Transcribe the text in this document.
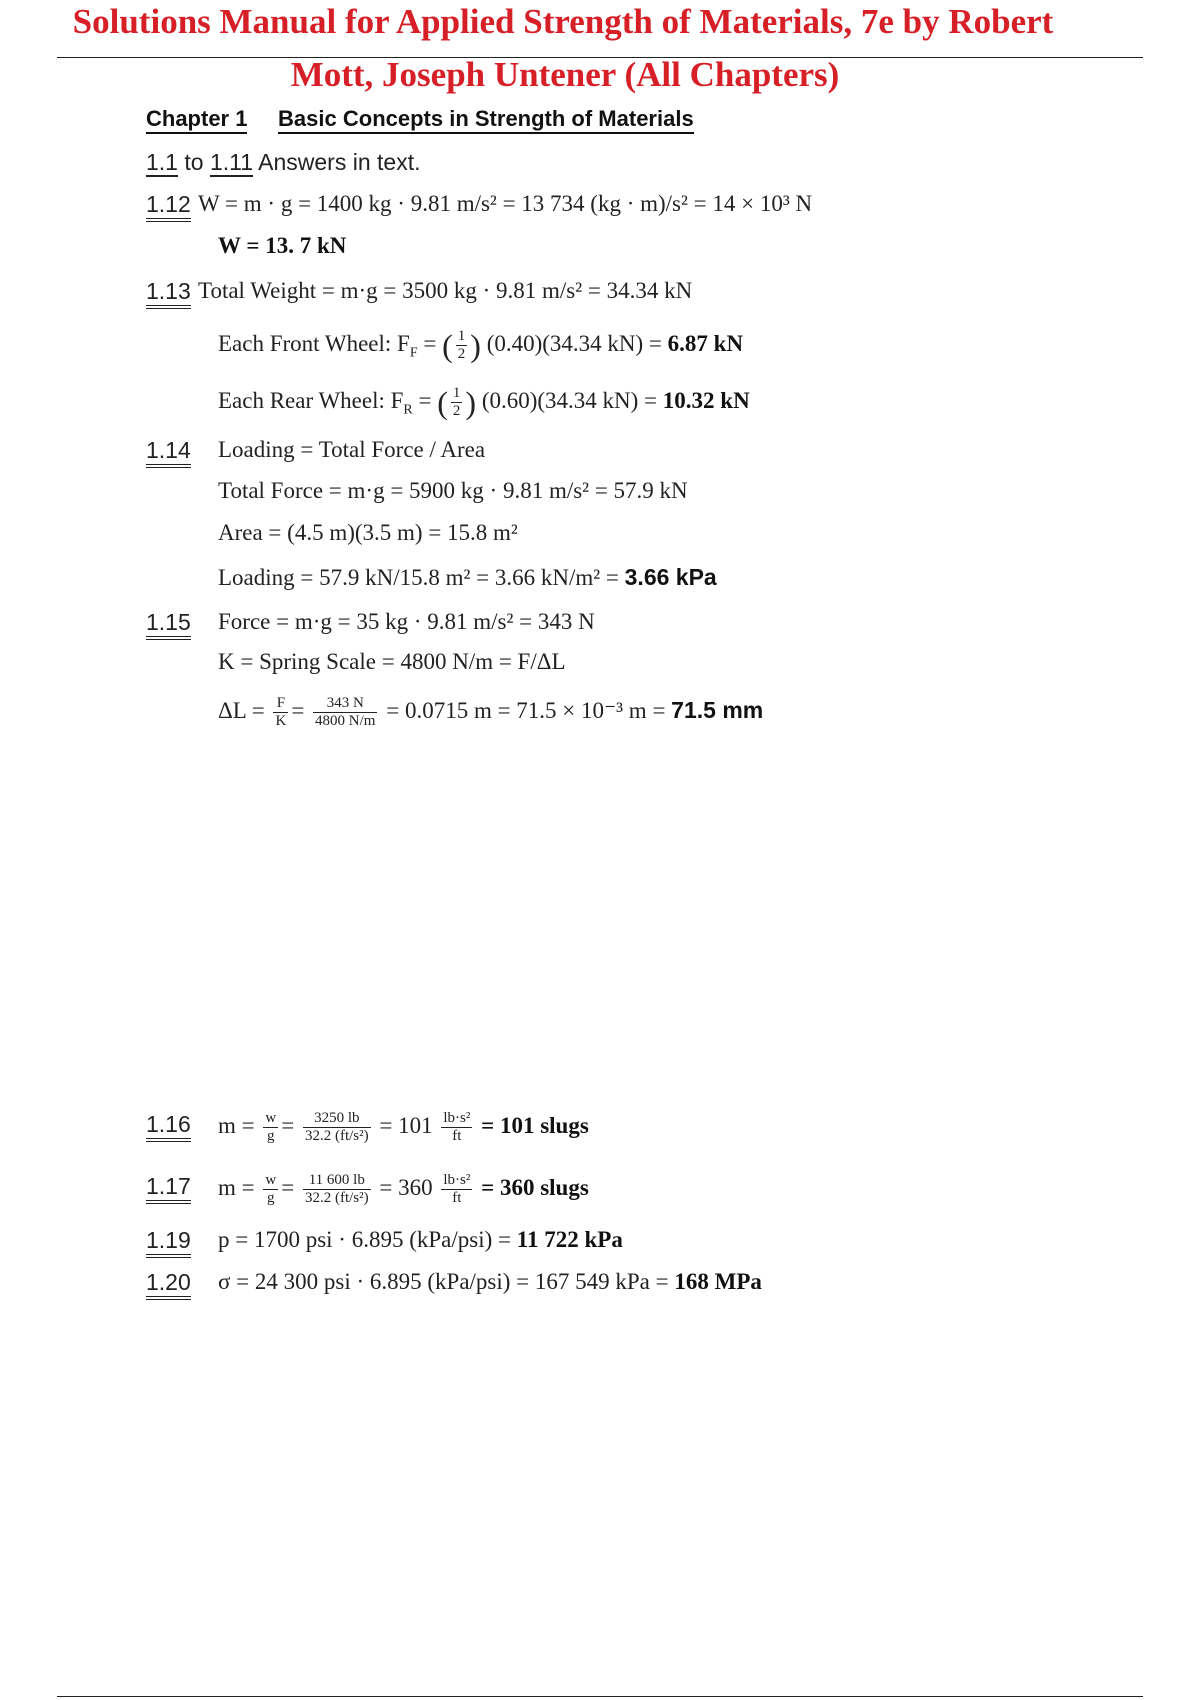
Solutions Manual for Applied Strength of Materials, 7e by Robert
Mott, Joseph Untener (All Chapters)
Chapter 1 Basic Concepts in Strength of Materials
1.1 to 1.11 Answers in text.
1.12 W = m · g = 1400 kg · 9.81 m/s² = 13 734 (kg · m)/s² = 14 × 10³ N
W = 13. 7 kN
1.13 Total Weight = m·g = 3500 kg · 9.81 m/s² = 34.34 kN
Each Front Wheel: $F_F$ = ( $\frac{1}{2}$ ) (0.40)(34.34 kN) = 6.87 kN
Each Rear Wheel: $F_R$ = ( $\frac{1}{2}$ ) (0.60)(34.34 kN) = 10.32 kN
1.14 Loading = Total Force / Area
Total Force = m·g = 5900 kg · 9.81 m/s² = 57.9 kN
Area = (4.5 m)(3.5 m) = 15.8 m²
Loading = 57.9 kN/15.8 m² = 3.66 kN/m² = 3.66 kPa
1.15 Force = m·g = 35 kg · 9.81 m/s² = 343 N
K = Spring Scale = 4800 N/m = F/ΔL
$\Delta L = \frac{F}{K} = \frac{343 N}{4800 N/m} = 0.0715$ m = 71.5 × 10⁻³ m = 71.5 mm
1.16 $m = \frac{w}{g} = \frac{3250 lb}{\text{32.2 (ft/s²)}} = 101 \frac{\text{lb·s²}}{ft} = 101$ slugs
1.17 $m = \frac{w}{g} = \frac{11 600 lb}{\text{32.2 (ft/s²)}} = 360 \frac{\text{lb·s²}}{ft} = 360$ slugs
1.19 p = 1700 psi · 6.895 (kPa/psi) = 11 722 kPa
1.20 σ = 24 300 psi · 6.895 (kPa/psi) = 167 549 kPa = 168 MPa
